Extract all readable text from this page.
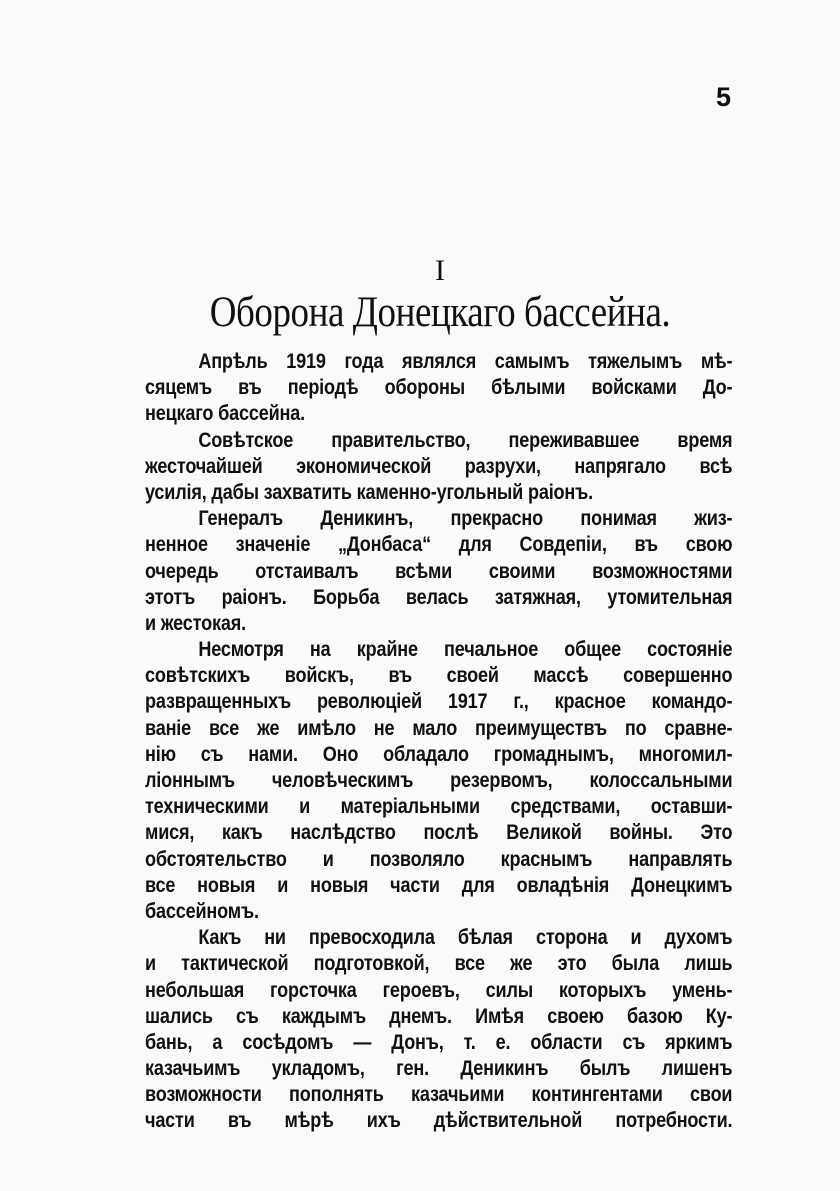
5
I
Оборона Донецкаго бассейна.
Апрѣль 1919 года являлся самымъ тяжелымъ мѣ-
сяцемъ въ періодѣ обороны бѣлыми войсками До-
нецкаго бассейна.
Совѣтское правительство, переживавшее время
жесточайшей экономической разрухи, напрягало всѣ
усилія, дабы захватить каменно-угольный раіонъ.
Генералъ Деникинъ, прекрасно понимая жиз-
ненное значеніе „Донбаса“ для Совдепіи, въ свою
очередь отстаивалъ всѣми своими возможностями
этотъ раіонъ. Борьба велась затяжная, утомительная
и жестокая.
Несмотря на крайне печальное общее состояніе
совѣтскихъ войскъ, въ своей массѣ совершенно
развращенныхъ революціей 1917 г., красное командо-
ваніе все же имѣло не мало преимуществъ по сравне-
нію съ нами. Оно обладало громаднымъ, многомил-
ліоннымъ человѣческимъ резервомъ, колоссальными
техническими и матеріальными средствами, оставши-
мися, какъ наслѣдство послѣ Великой войны. Это
обстоятельство и позволяло краснымъ направлять
все новыя и новыя части для овладѣнія Донецкимъ
бассейномъ.
Какъ ни превосходила бѣлая сторона и духомъ
и тактической подготовкой, все же это была лишь
небольшая горсточка героевъ, силы которыхъ умень-
шались съ каждымъ днемъ. Имѣя своею базою Ку-
бань, а сосѣдомъ — Донъ, т. е. области съ яркимъ
казачьимъ укладомъ, ген. Деникинъ былъ лишенъ
возможности пополнять казачьими контингентами свои
части въ мѣрѣ ихъ дѣйствительной потребности.
